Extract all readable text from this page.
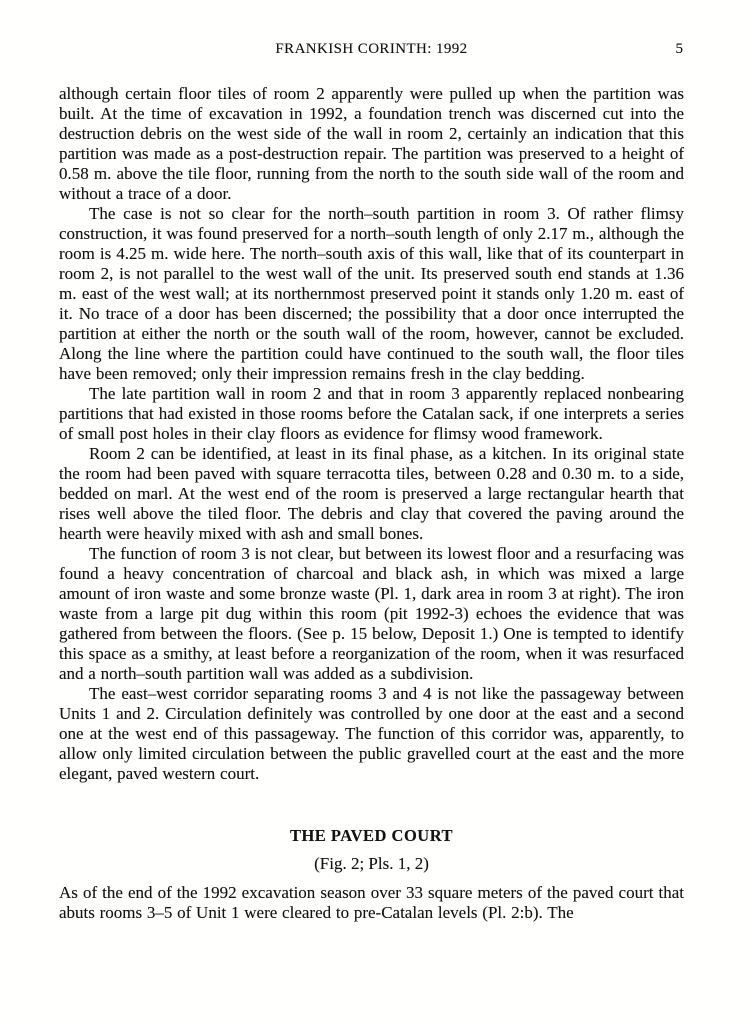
FRANKISH CORINTH: 1992	5

although certain floor tiles of room 2 apparently were pulled up when the partition was built. At the time of excavation in 1992, a foundation trench was discerned cut into the destruction debris on the west side of the wall in room 2, certainly an indication that this partition was made as a post-destruction repair. The partition was preserved to a height of 0.58 m. above the tile floor, running from the north to the south side wall of the room and without a trace of a door.

The case is not so clear for the north–south partition in room 3. Of rather flimsy construction, it was found preserved for a north–south length of only 2.17 m., although the room is 4.25 m. wide here. The north–south axis of this wall, like that of its counterpart in room 2, is not parallel to the west wall of the unit. Its preserved south end stands at 1.36 m. east of the west wall; at its northernmost preserved point it stands only 1.20 m. east of it. No trace of a door has been discerned; the possibility that a door once interrupted the partition at either the north or the south wall of the room, however, cannot be excluded. Along the line where the partition could have continued to the south wall, the floor tiles have been removed; only their impression remains fresh in the clay bedding.

The late partition wall in room 2 and that in room 3 apparently replaced nonbearing partitions that had existed in those rooms before the Catalan sack, if one interprets a series of small post holes in their clay floors as evidence for flimsy wood framework.

Room 2 can be identified, at least in its final phase, as a kitchen. In its original state the room had been paved with square terracotta tiles, between 0.28 and 0.30 m. to a side, bedded on marl. At the west end of the room is preserved a large rectangular hearth that rises well above the tiled floor. The debris and clay that covered the paving around the hearth were heavily mixed with ash and small bones.

The function of room 3 is not clear, but between its lowest floor and a resurfacing was found a heavy concentration of charcoal and black ash, in which was mixed a large amount of iron waste and some bronze waste (Pl. 1, dark area in room 3 at right). The iron waste from a large pit dug within this room (pit 1992-3) echoes the evidence that was gathered from between the floors. (See p. 15 below, Deposit 1.) One is tempted to identify this space as a smithy, at least before a reorganization of the room, when it was resurfaced and a north–south partition wall was added as a subdivision.

The east–west corridor separating rooms 3 and 4 is not like the passageway between Units 1 and 2. Circulation definitely was controlled by one door at the east and a second one at the west end of this passageway. The function of this corridor was, apparently, to allow only limited circulation between the public gravelled court at the east and the more elegant, paved western court.

THE PAVED COURT
(Fig. 2; Pls. 1, 2)

As of the end of the 1992 excavation season over 33 square meters of the paved court that abuts rooms 3–5 of Unit 1 were cleared to pre-Catalan levels (Pl. 2:b). The
